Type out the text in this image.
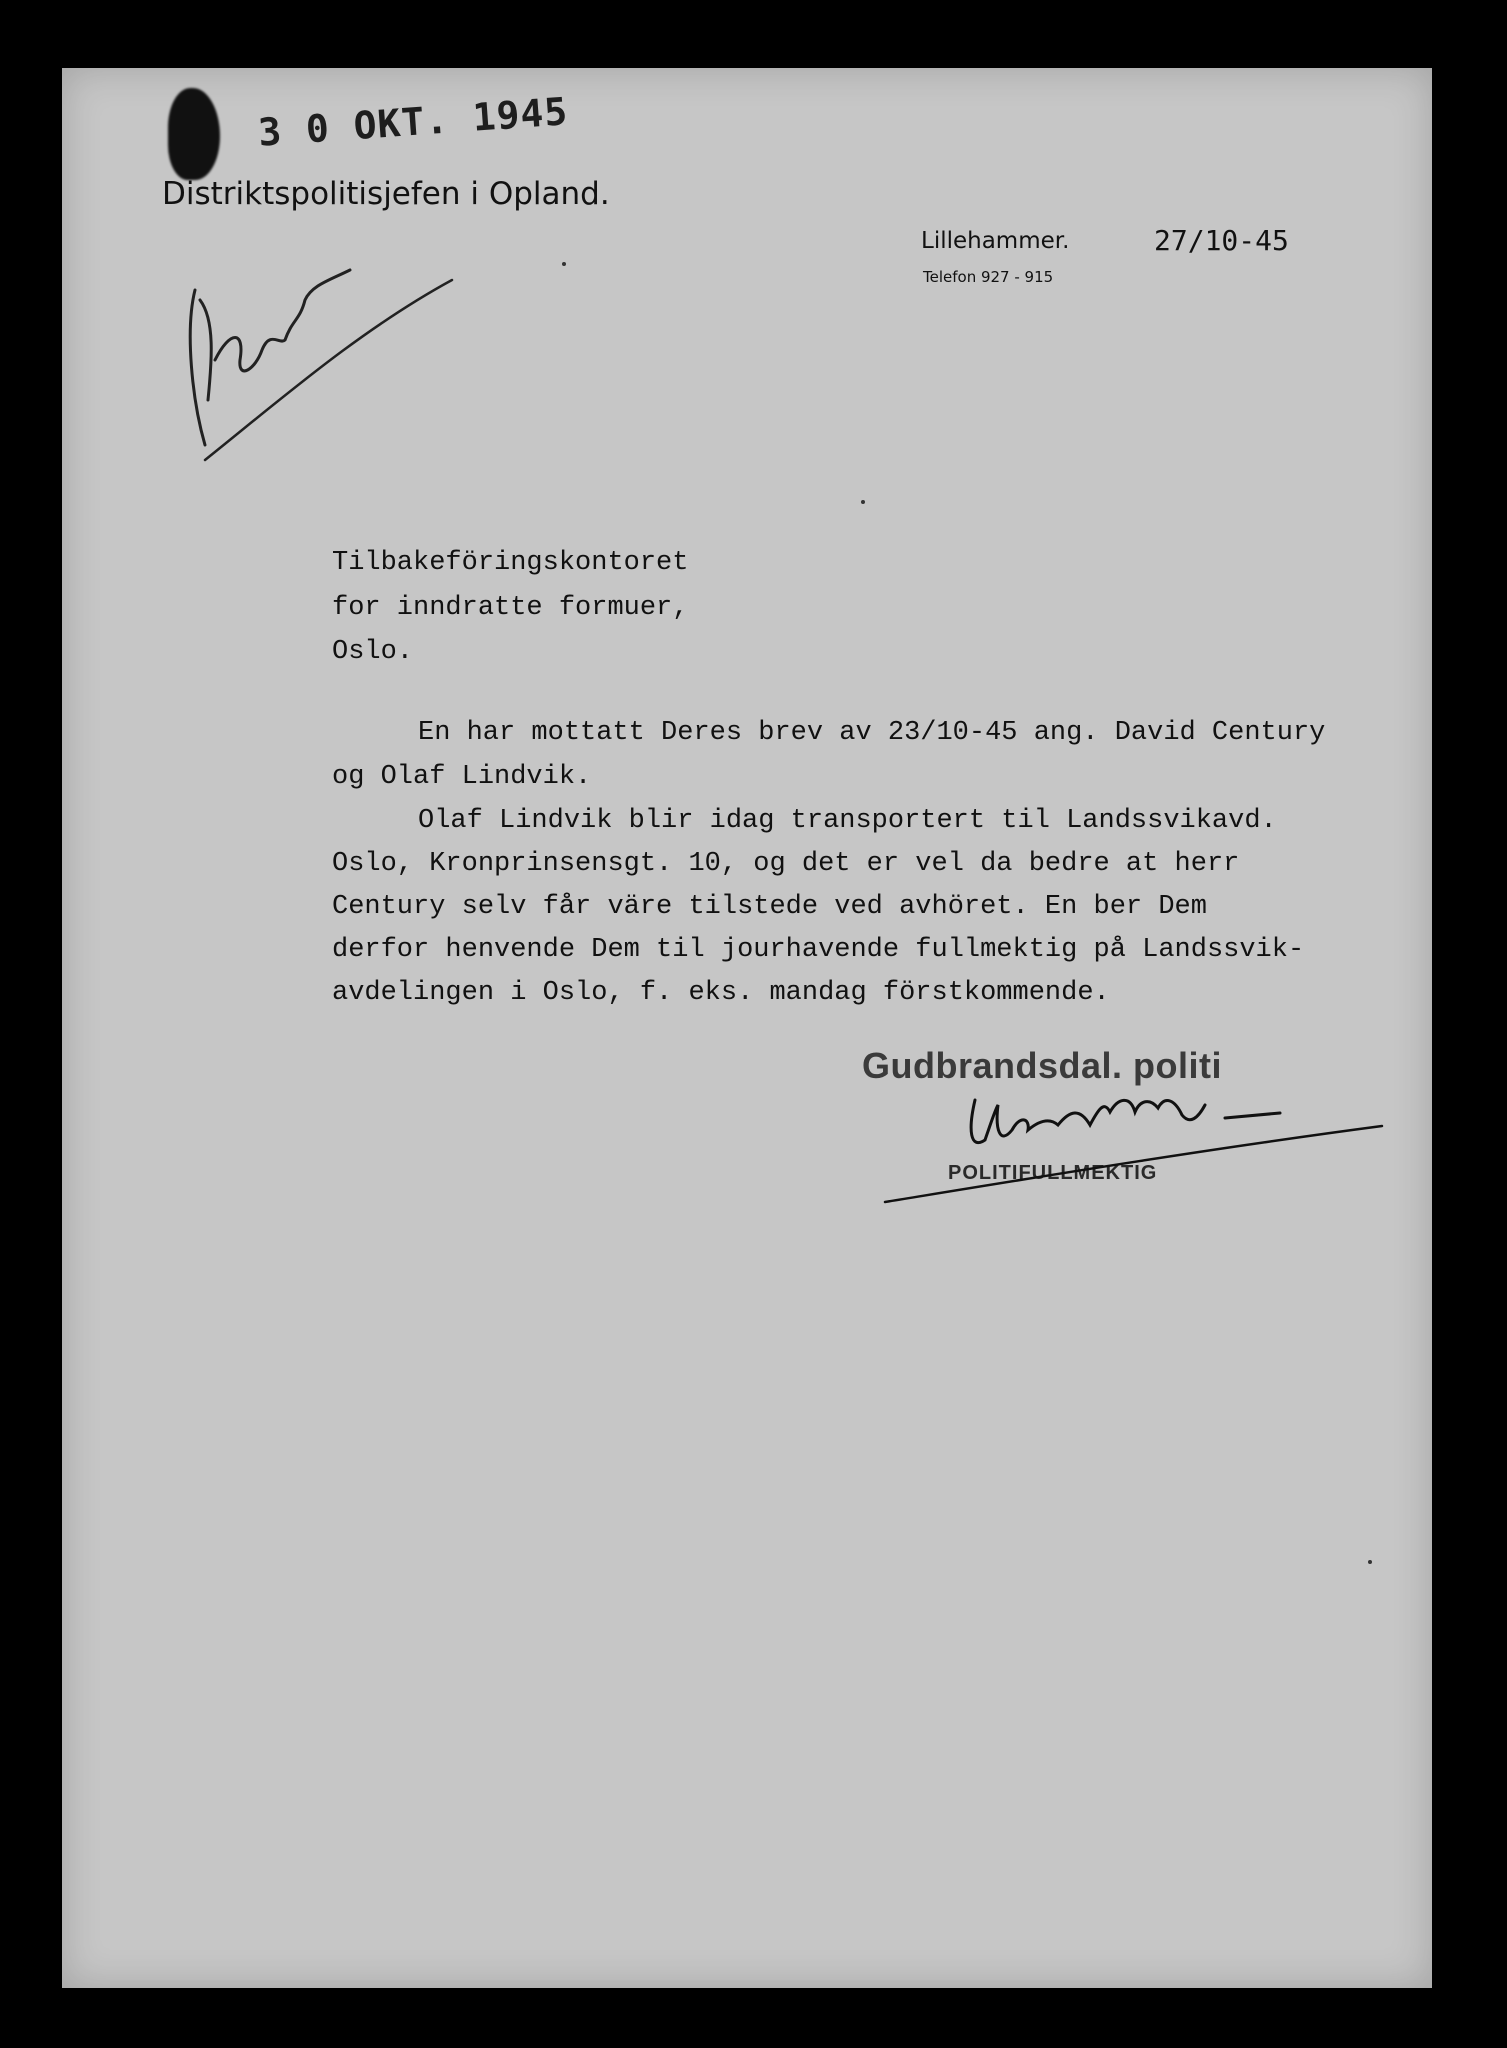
3 0 OKT. 1945
Distriktspolitisjefen i Opland.
Lillehammer.
Telefon 927 - 915
27/10-45
Tilbakeföringskontoret
for inndratte formuer,
Oslo.
En har mottatt Deres brev av 23/10-45 ang. David Century
og Olaf Lindvik.
Olaf Lindvik blir idag transportert til Landssvikavd.
Oslo, Kronprinsensgt. 10, og det er vel da bedre at herr
Century selv får väre tilstede ved avhöret. En ber Dem
derfor henvende Dem til jourhavende fullmektig på Landssvik-
avdelingen i Oslo, f. eks. mandag förstkommende.
Gudbrandsdal. politi
POLITIFULLMEKTIG
